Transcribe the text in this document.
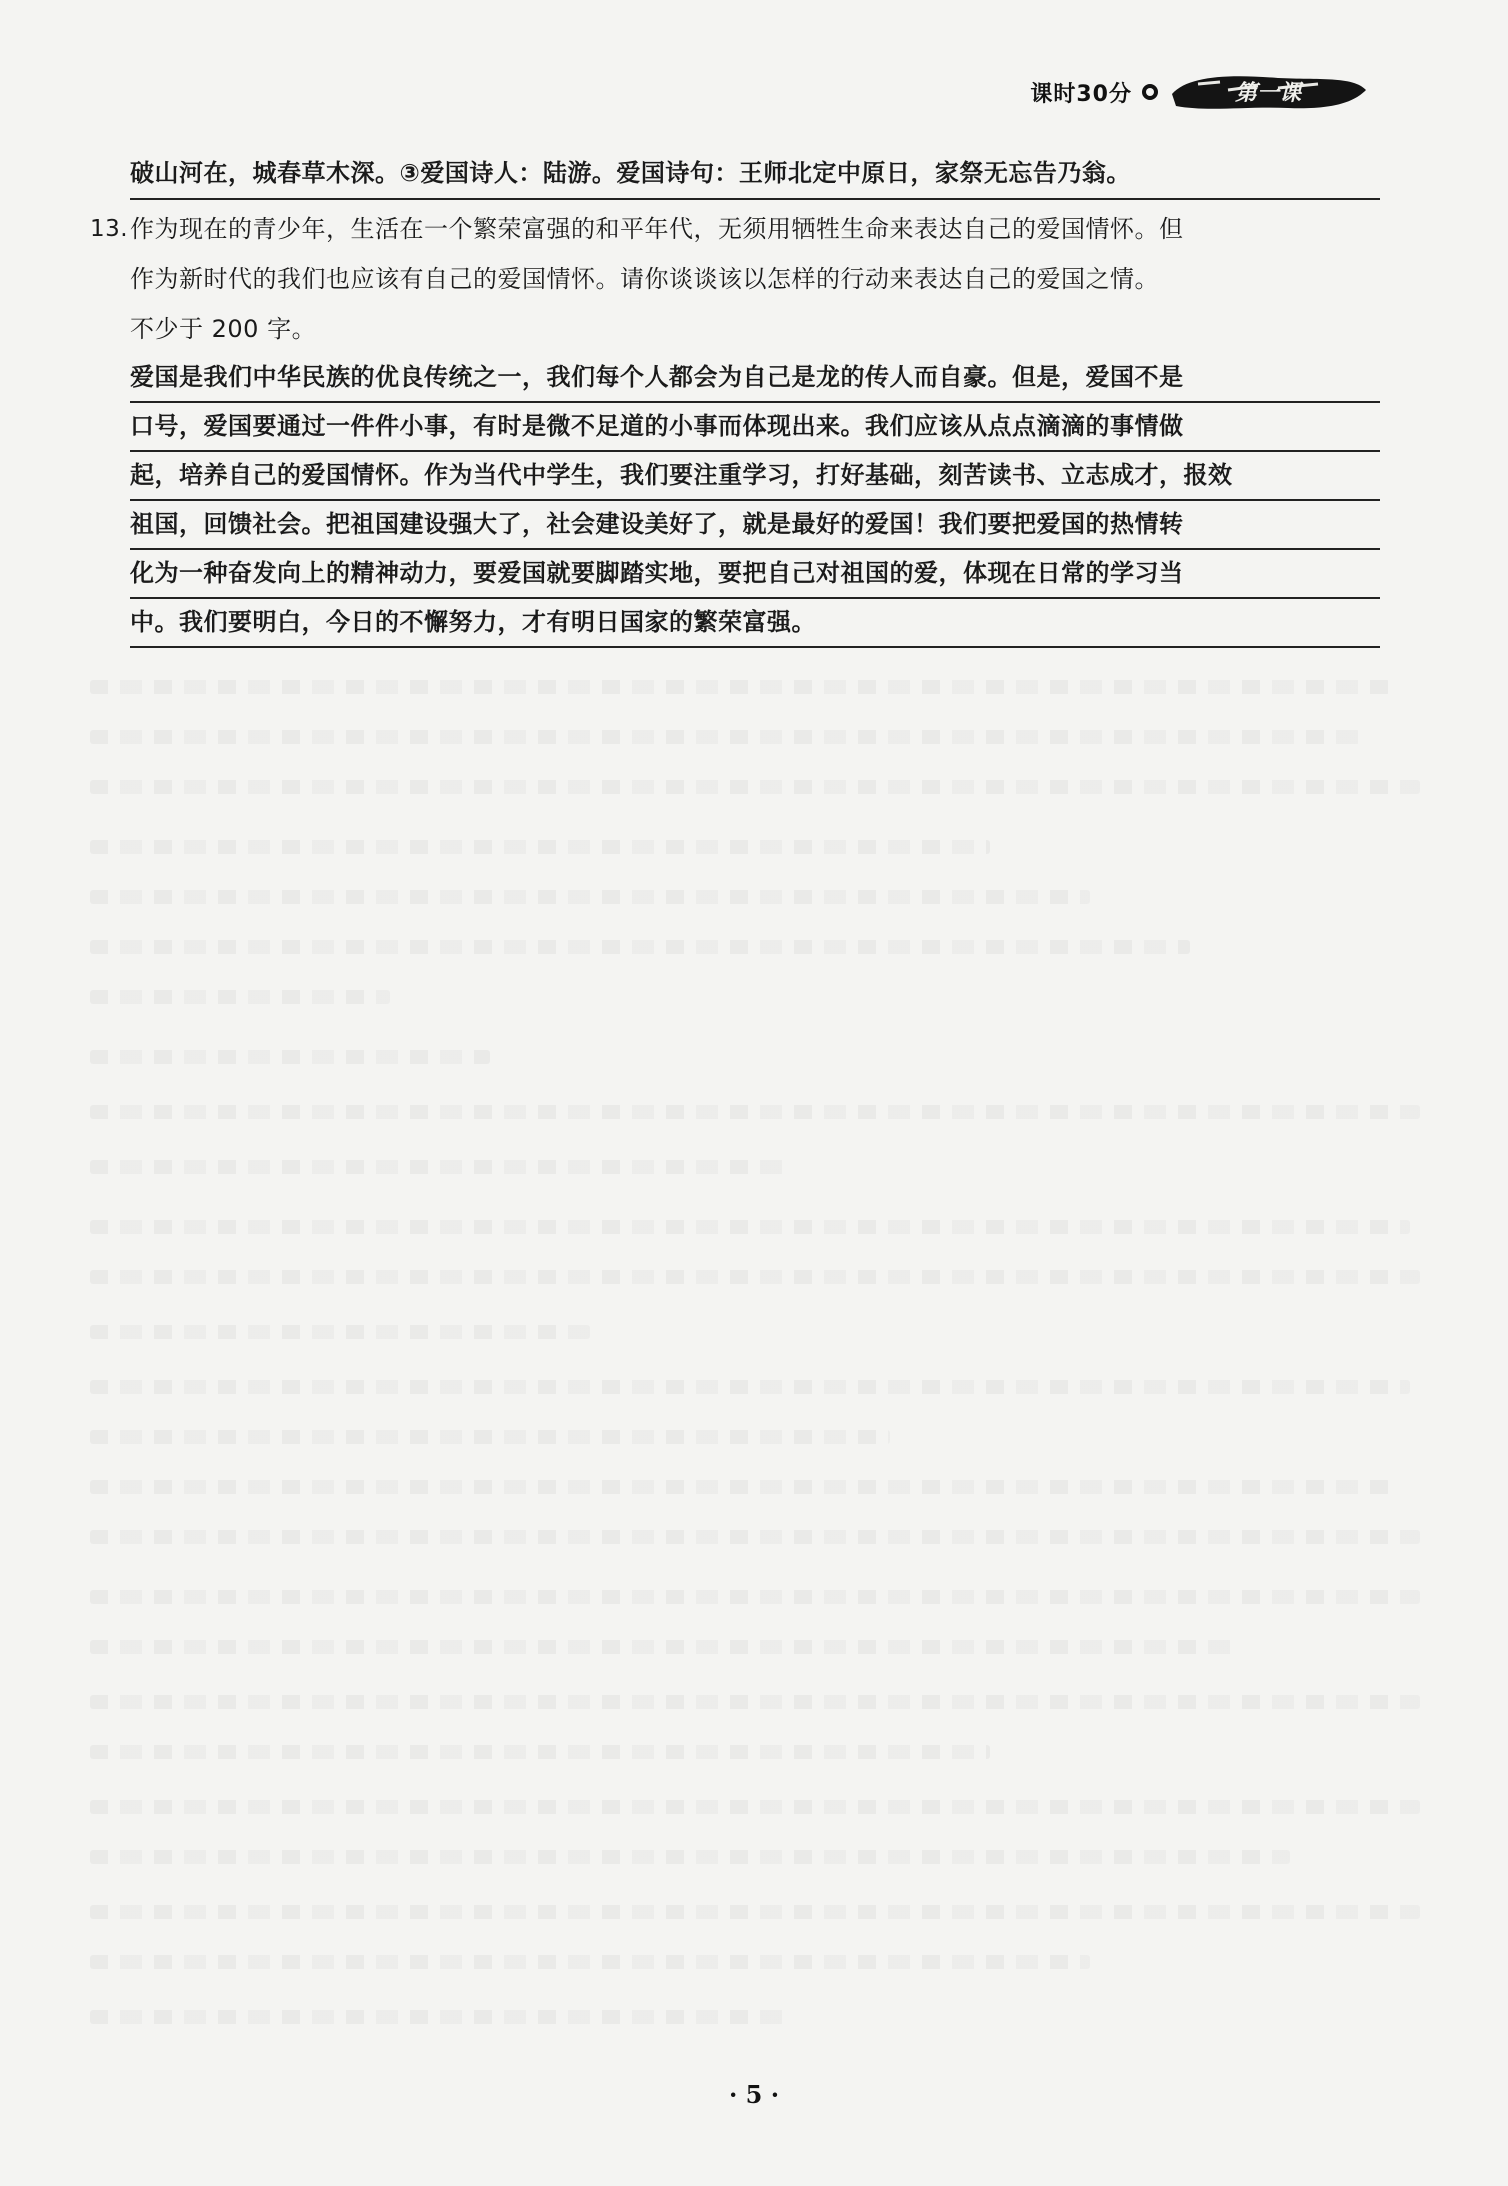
课时30分	第一课
破山河在，城春草木深。③爱国诗人：陆游。爱国诗句：王师北定中原日，家祭无忘告乃翁。
13. 作为现在的青少年，生活在一个繁荣富强的和平年代，无须用牺牲生命来表达自己的爱国情怀。但
作为新时代的我们也应该有自己的爱国情怀。请你谈谈该以怎样的行动来表达自己的爱国之情。
不少于 200 字。
爱国是我们中华民族的优良传统之一，我们每个人都会为自己是龙的传人而自豪。但是，爱国不是
口号，爱国要通过一件件小事，有时是微不足道的小事而体现出来。我们应该从点点滴滴的事情做
起，培养自己的爱国情怀。作为当代中学生，我们要注重学习，打好基础，刻苦读书、立志成才，报效
祖国，回馈社会。把祖国建设强大了，社会建设美好了，就是最好的爱国！我们要把爱国的热情转
化为一种奋发向上的精神动力，要爱国就要脚踏实地，要把自己对祖国的爱，体现在日常的学习当
中。我们要明白，今日的不懈努力，才有明日国家的繁荣富强。
· 5 ·
